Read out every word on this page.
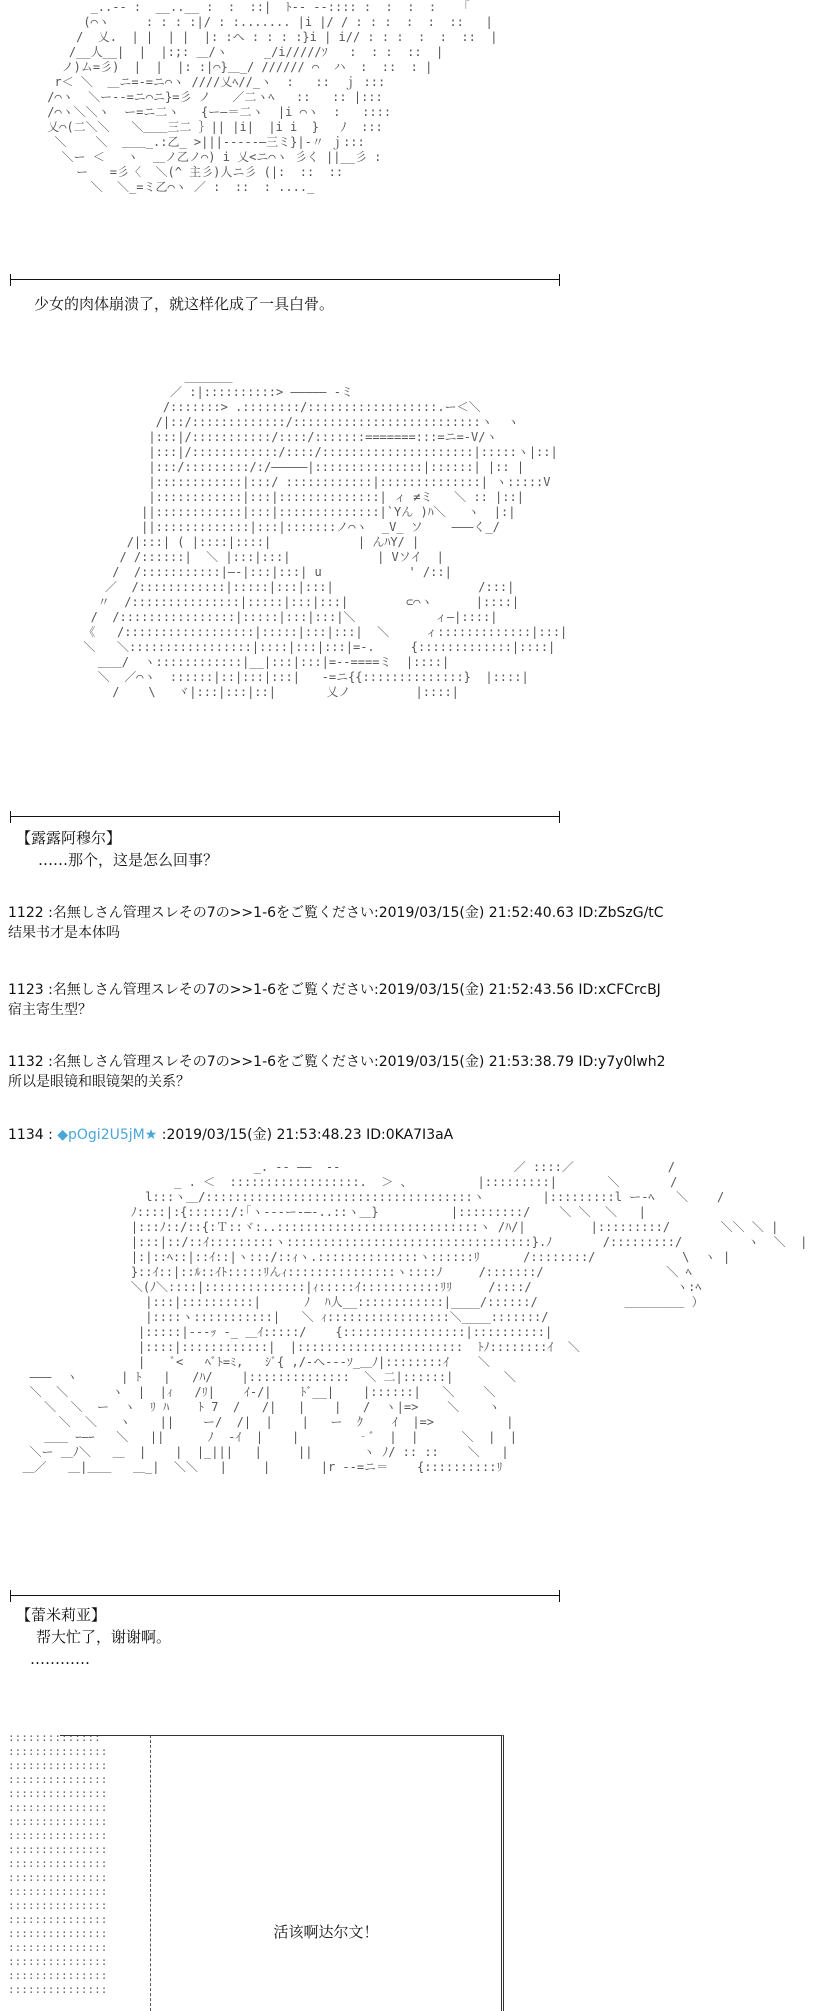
_..-‐ :  __..__ :  :  ::|  ﾄ-‐ ‐-:::: :  :  :  :   「
(⌒ヽ     : : : :|/ : :....... |i |/ / : : :  :  :  ::   |
/  乂.  | |  | |  |: :ヘ : : : :}i | i// : : :  :  :  ::  |
/__人__|  |  |:;: ＿/ヽ     _/i/////ｿ   :  : :  ::  |
ノ)ム=彡)  |  |  |: :|⌒}＿_/ ////// ⌒  ハ  :  ::  : |
r＜ ＼  ＿ニ=-=ニ⌒ヽ ////乂ﾍ//_ヽ  :   ::  ｊ :::
/⌒ヽ  ＼ー‐‐=ニ⌒ニ}=彡 ノ   ／二ヽﾍ   ::   :: |:::
/⌒ヽ＼＼ヽ  ー=ニ二ヽ   {ー―＝二ヽ  |i ⌒ヽ  :   ::::
乂⌒(二＼＼   ＼＿＿三二 ｝|| |i|  |i i  }   ﾉ  :::
＼    ＼  ＿＿_.:乙_ >|||‐‐‐‐‐―三ミ}|‐〃 ｊ:::
＼ー ＜   ヽ  ＿ノ乙ノ⌒) i 乂<ニ⌒ヽ 彡く ||__彡 :
ー   =彡〈  ＼(^ 主彡)人ニ彡 (|:  ::  ::
＼  ＼_=ミ乙⌒ヽ ／ :  ::  : ...._
少女的肉体崩溃了，就这样化成了一具白骨。
＿＿＿＿
／ :|::::::::::> ――――― -ミ
/:::::::> .::::::::/::::::::::::::::::.ー＜＼
/|::/:::::::::::::/::::::::::::::::::::::::::ヽ  ヽ
|:::|/:::::::::::/::::/:::::::=======:::=ニ=-V/ヽ
|:::|/::::::::::::/::::/:::::::::::::::::::::|:::::ヽ|::|
|:::/:::::::::/:/―――――|:::::::::::::::|::::::| |:: |
|::::::::::::|:::/ ::::::::::::|::::::::::::::| ヽ:::::V
|::::::::::::|:::|::::::::::::::| ィ ≠ミ   ＼ :: |::|
||::::::::::::|:::|::::::::::::::|`Yん )ﾊ＼   ヽ  |:|
||:::::::::::::|:::|:::::::ノ⌒ヽ  _V_ ソ    ―――く_/
/|:::| ( |::::|::::|            | んﾊY/ |
/ /::::::|  ＼ |:::|:::|            | Vソイ  |
/  /:::::::::::|―‐|:::|:::| u            ' /::|
／  /::::::::::::|:::::|:::|:::|                    /:::|
〃  /:::::::::::::::|:::::|:::|:::|        ⊂⌒ヽ      |::::|
/  /::::::::::::::::|:::::|:::|:::|＼           ィ―|::::|
《   /::::::::::::::::::|:::::|:::|:::|  ＼     ィ:::::::::::::|:::|
＼   ＼:::::::::::::::::|::::|:::|:::|=-.     {:::::::::::::|::::|
＿＿/  ヽ::::::::::::|__|:::|:::|=--====ミ  |::::|
＼  ／⌒ヽ  ::::::|::|:::|:::|   -=ニ{{::::::::::::::}  |::::|
/    \   ヾ|:::|:::|::|       乂ノ         |::::|
【露露阿穆尔】
……那个，这是怎么回事？
1122 :名無しさん管理スレその7の>>1-6をご覧ください:2019/03/15(金) 21:52:40.63 ID:ZbSzG/tC
结果书才是本体吗
1123 :名無しさん管理スレその7の>>1-6をご覧ください:2019/03/15(金) 21:52:43.56 ID:xCFCrcBJ
宿主寄生型？
1132 :名無しさん管理スレその7の>>1-6をご覧ください:2019/03/15(金) 21:53:38.79 ID:y7y0lwh2
所以是眼镜和眼镜架的关系？
1134 : ◆pOgi2U5jM★ :2019/03/15(金) 21:53:48.23 ID:0KA7I3aA
_. -‐ ――  ‐-                        ／ ::::／             /
_ . ＜  ::::::::::::::::::.  ＞ 、         |:::::::::|       ＼       /
l:::ヽ＿/:::::::::::::::::::::::::::::::::::::ヽ        |:::::::::l ー‐ﾍ   ＼    /
ﾉ::::|:{::::::/:｢ヽ‐‐-ー-―-..::ヽ＿}          |:::::::::/    ＼ ＼  ＼   |
|:::ﾉ::/::{:Ｔ::ヾ:..::::::::::::::::::::::::::::ヽ /ﾊ/|         |:::::::::/       ＼＼ ＼ |
|:::|::/::ｲ:::::::::ヽ::::::::::::::::::::::::::::::::::}.ﾉ       /:::::::::/         ヽ  ＼  |
|:|::ﾍ::|::ｲ::|ヽ:::/::ｨヽ.::::::::::::::ヽ::::::ﾘ      /::::::::/            \  ヽ |
}::ｲ::|::ﾙ::ｲﾄ:::::ﾘんｨ:::::::::::::::ヽ::::ﾉ     /:::::::/                 ＼ ﾍ
＼(ﾉ＼::::|::::::::::::::|ｨ:::::ｲ:::::::::::ﾘﾘ     /::::/                    ヽ:ﾍ
|:::|::::::::::|      ﾉ  ﾊ人__::::::::::::|____/::::::/            ＿＿＿＿＿ ）
|::::ヽ:::::::::::|   ＼ ｨ:::::::::::::::::＼____:::::::/
|:::::|‐--ｯ ‐_ ＿ｲ:::::/    {:::::::::::::::::|::::::::::|
|::::|::::::::::::|  |:::::::::::::::::::::::  ﾄﾉ::::::::ｲ  ＼
|    ﾞ<   ﾍﾞﾄ=ﾐ,   ｼﾞ{ ,/‐ヘ-‐‐ｿ_＿ﾉ|::::::::ｲ    ＼
―――  ヽ      | ﾄ   |   /ﾊ/    |::::::::::::::  ＼ 二|::::::|       ＼
＼  ＼      ヽ  |  |ｨ   /ﾘ|    ｲ-/|    ﾄﾞ__|    |::::::|   ＼    ＼
＼  ＼  ー  ヽ  ﾘ ﾊ    ﾄ 7  /   /|   |    |   /  ヽ|=>    ＼    ヽ
＼  ＼   ヽ    ||    ー/  /|  |    |   ー  ｸ    ｲ  |=>          |
＿＿ ｰ―ｰ   ＼   ||      ﾉ  ‐ｲ  |    |        ‐ﾞ  |  |      ＼  |  |
＼ー ＿ﾉ＼   ＿  |    |  |_|||   |     ||       ヽ ﾉ/ :: ::    ＼   |
＿／   ＿|＿＿   ＿_|  ＼＼   |     |       |r ‐‐=ニ＝    {::::::::::ﾘ
【蕾米莉亚】
帮大忙了，谢谢啊。
…………
::::::::::::::
:::::::::::::::
:::::::::::::::
:::::::::::::::
:::::::::::::::
:::::::::::::::
:::::::::::::::
:::::::::::::::
:::::::::::::::
:::::::::::::::
:::::::::::::::
:::::::::::::::
:::::::::::::::
:::::::::::::::
:::::::::::::::
:::::::::::::::
:::::::::::::::
:::::::::::::::
:::::::::::::::
活该啊达尔文！
